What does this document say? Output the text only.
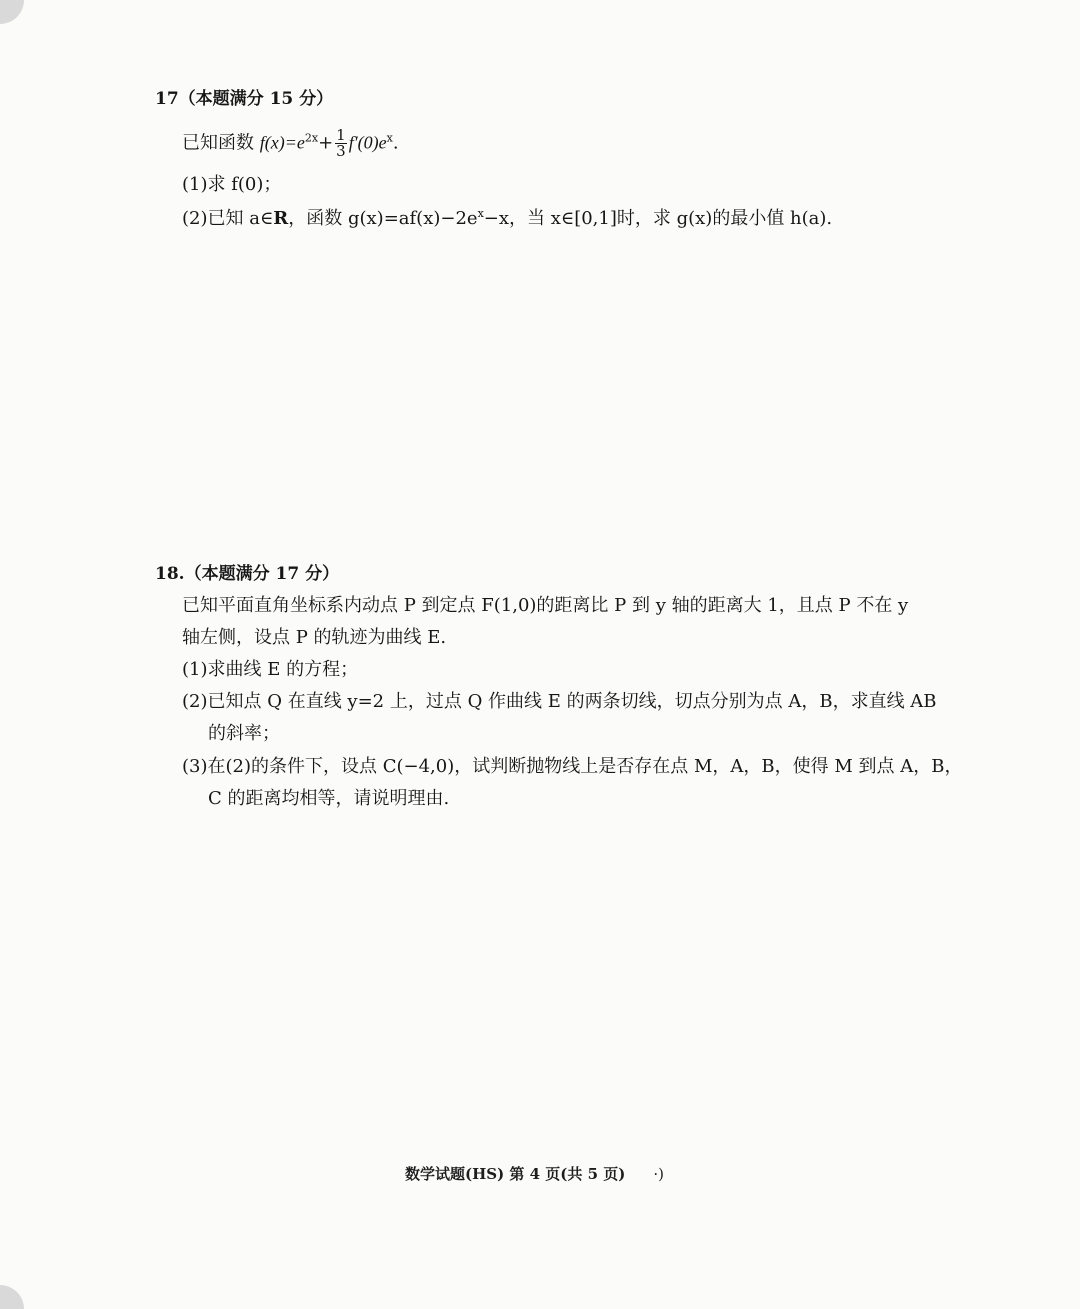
17（本题满分 15 分）
已知函数 $f(x)=e^{2x}+ \frac{1}{3} f'(0)e^x$.
(1)求 f(0)；
(2)已知 a∈R，函数 $g(x)=af(x)-2e^x-x$，当 x∈[0,1]时，求 g(x)的最小值 h(a).
18.（本题满分 17 分）
已知平面直角坐标系内动点 P 到定点 F(1,0)的距离比 P 到 y 轴的距离大 1，且点 P 不在 y
轴左侧，设点 P 的轨迹为曲线 E.
(1)求曲线 E 的方程；
(2)已知点 Q 在直线 y=2 上，过点 Q 作曲线 E 的两条切线，切点分别为点 A，B，求直线 AB
的斜率；
(3)在(2)的条件下，设点 C(−4,0)，试判断抛物线上是否存在点 M，A，B，使得 M 到点 A，B，
C 的距离均相等，请说明理由.
数学试题(HS) 第 4 页(共 5 页) ·)
